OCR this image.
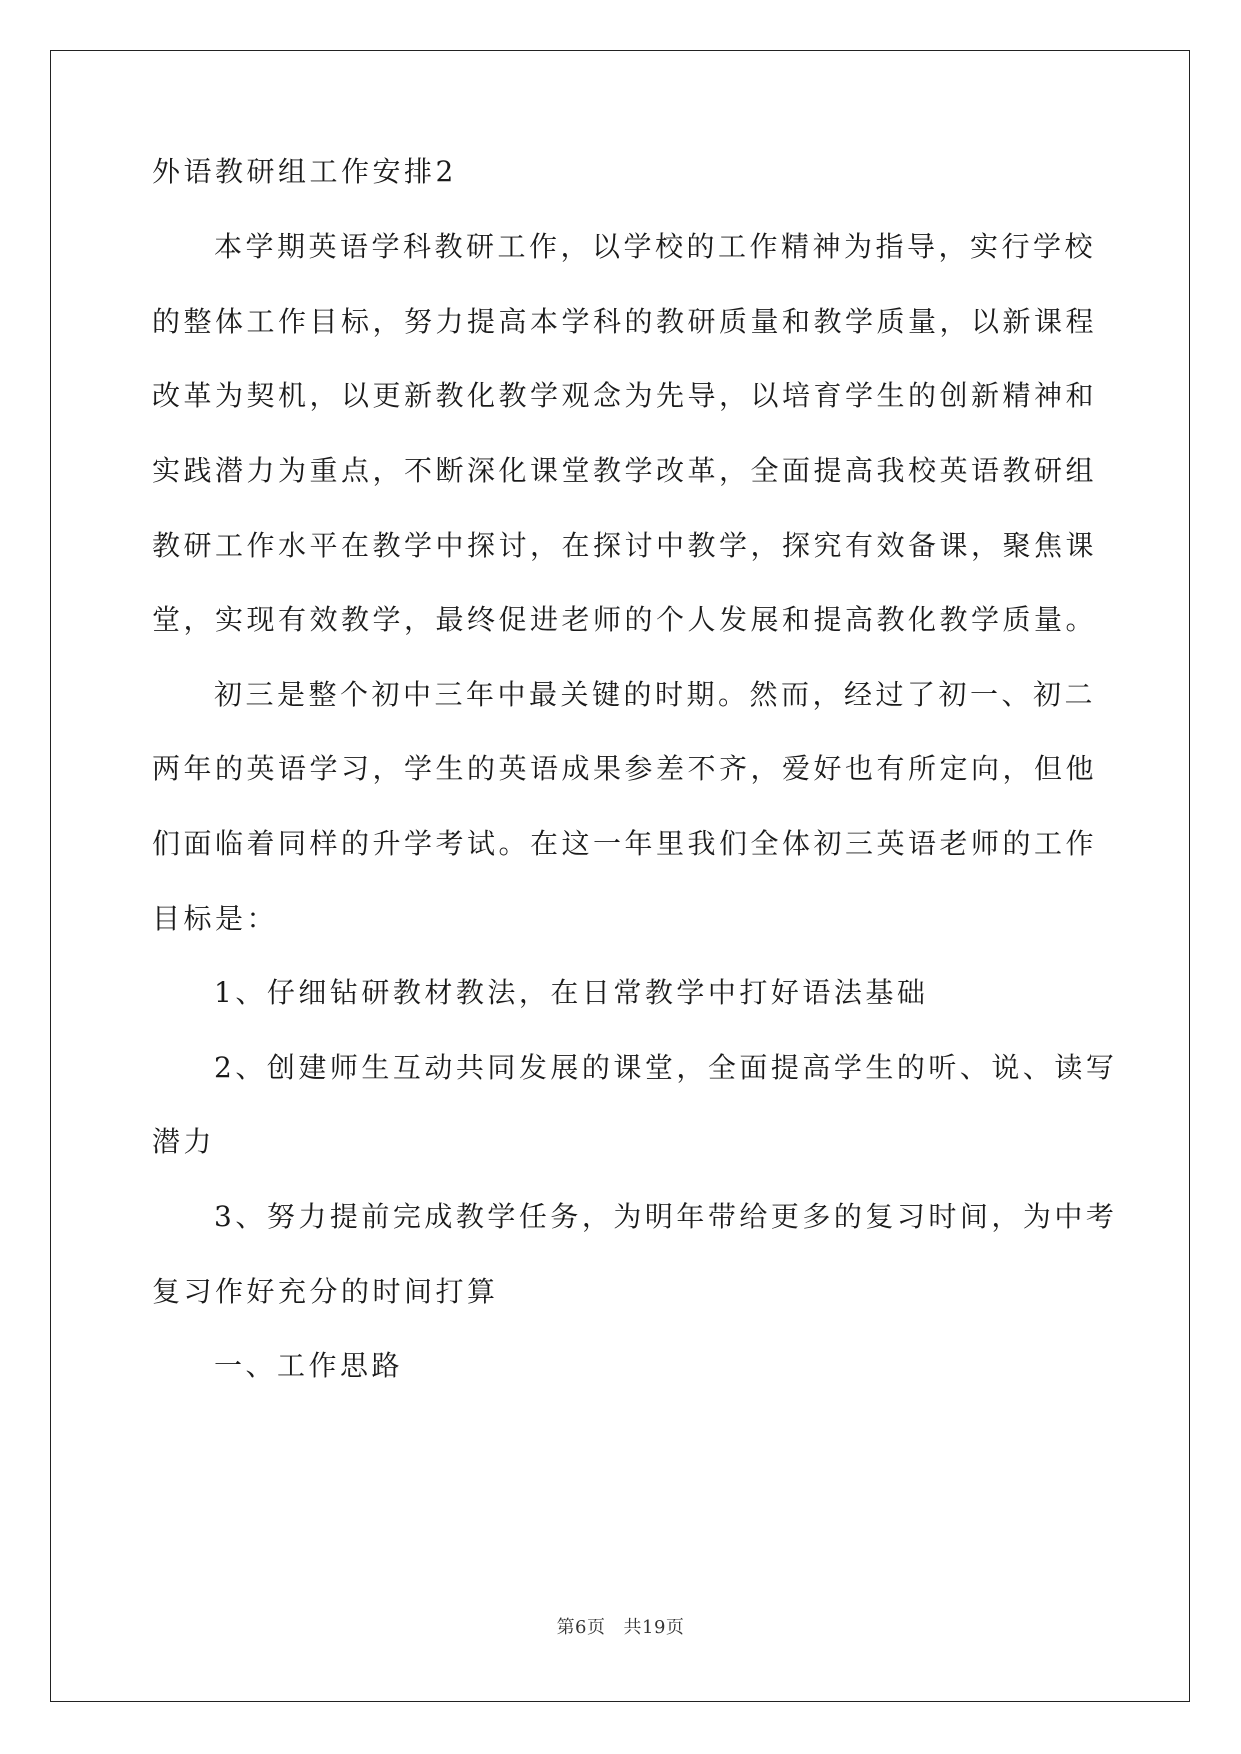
外语教研组工作安排2

本学期英语学科教研工作，以学校的工作精神为指导，实行学校

的整体工作目标，努力提高本学科的教研质量和教学质量，以新课程

改革为契机，以更新教化教学观念为先导，以培育学生的创新精神和

实践潜力为重点，不断深化课堂教学改革，全面提高我校英语教研组

教研工作水平在教学中探讨，在探讨中教学，探究有效备课，聚焦课

堂，实现有效教学，最终促进老师的个人发展和提高教化教学质量。

初三是整个初中三年中最关键的时期。然而，经过了初一、初二

两年的英语学习，学生的英语成果参差不齐，爱好也有所定向，但他

们面临着同样的升学考试。在这一年里我们全体初三英语老师的工作

目标是：

1、仔细钻研教材教法，在日常教学中打好语法基础

2、创建师生互动共同发展的课堂，全面提高学生的听、说、读写

潜力

3、努力提前完成教学任务，为明年带给更多的复习时间，为中考

复习作好充分的时间打算

一、工作思路

第6页 共19页
